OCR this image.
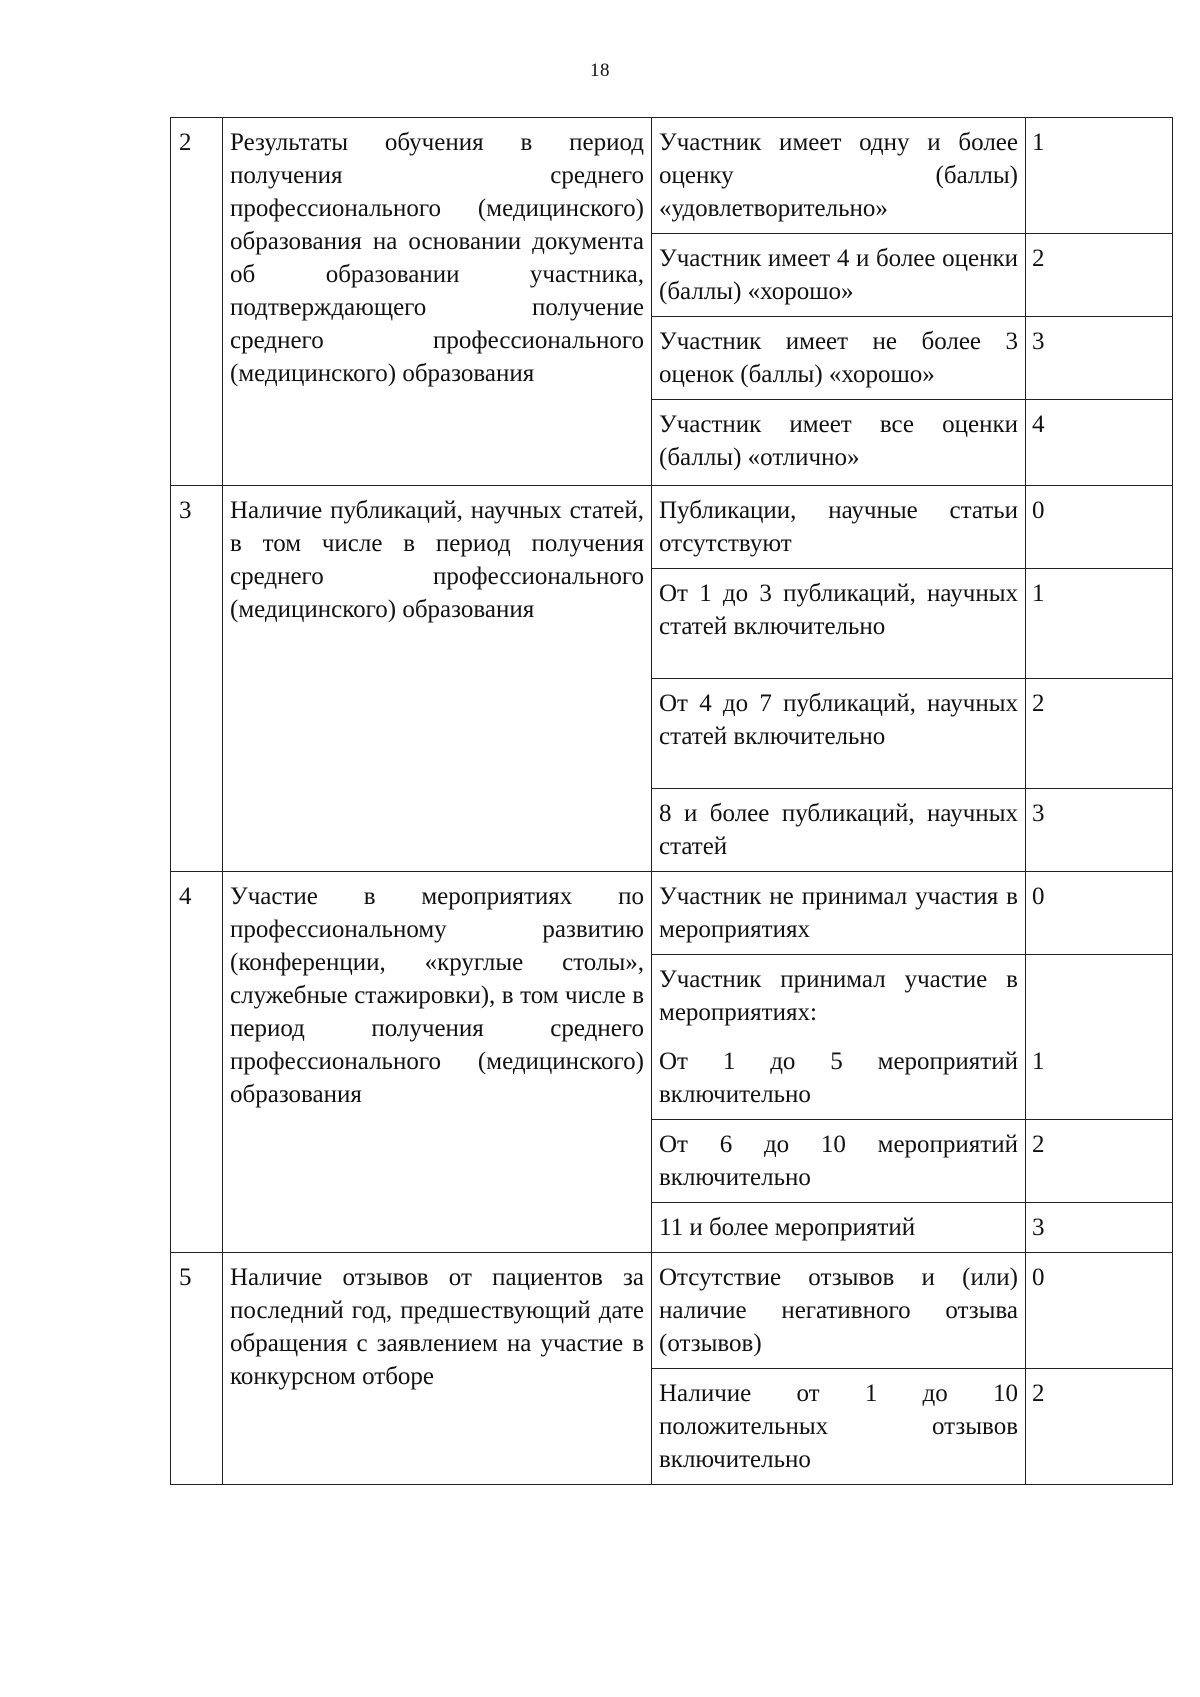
18
2	Результаты обучения в период получения среднего профессионального (медицинского) образования на основании документа об образовании участника, подтверждающего получение среднего профессионального (медицинского) образования	Участник имеет одну и более оценку (баллы) «удовлетворительно»	1
		Участник имеет 4 и более оценки (баллы) «хорошо»	2
		Участник имеет не более 3 оценок (баллы) «хорошо»	3
		Участник имеет все оценки (баллы) «отлично»	4
3	Наличие публикаций, научных статей, в том числе в период получения среднего профессионального (медицинского) образования	Публикации, научные статьи отсутствуют	0
		От 1 до 3 публикаций, научных статей включительно	1
		От 4 до 7 публикаций, научных статей включительно	2
		8 и более публикаций, научных статей	3
4	Участие в мероприятиях по профессиональному развитию (конференции, «круглые столы», служебные стажировки), в том числе в период получения среднего профессионального (медицинского) образования	Участник не принимал участия в мероприятиях	0
		Участник принимал участие в мероприятиях:	
		От 1 до 5 мероприятий включительно	1
		От 6 до 10 мероприятий включительно	2
		11 и более мероприятий	3
5	Наличие отзывов от пациентов за последний год, предшествующий дате обращения с заявлением на участие в конкурсном отборе	Отсутствие отзывов и (или) наличие негативного отзыва (отзывов)	0
		Наличие от 1 до 10 положительных отзывов включительно	2
